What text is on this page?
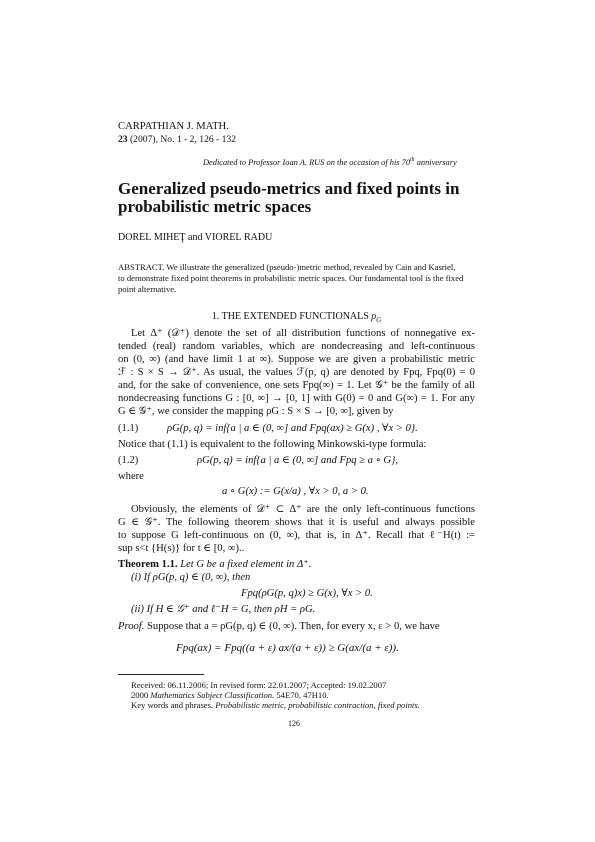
CARPATHIAN J. MATH.
23 (2007), No. 1 - 2, 126 - 132
Dedicated to Professor Ioan A. RUS on the occasion of his 70th anniversary
Generalized pseudo-metrics and fixed points in
probabilistic metric spaces
DOREL MIHEŢ and VIOREL RADU
ABSTRACT. We illustrate the generalized (pseudo-)metric method, revealed by Cain and Kasriel,
to demonstrate fixed point theorems in probabilistic metric spaces. Our fundamental tool is the fixed
point alternative.
1. THE EXTENDED FUNCTIONALS $\rho_G$
Let Δ⁺ (𝒟⁺) denote the set of all distribution functions of nonnegative ex-
tended (real) random variables, which are nondecreasing and left-continuous
on (0, ∞) (and have limit 1 at ∞). Suppose we are given a probabilistic metric
ℱ : S × S → 𝒟⁺. As usual, the values ℱ(p, q) are denoted by Fpq, Fpq(0) = 0
and, for the sake of convenience, one sets Fpq(∞) = 1. Let 𝒢⁺ be the family of all
nondecreasing functions G : [0, ∞] → [0, 1] with G(0) = 0 and G(∞) = 1. For any
G ∈ 𝒢⁺, we consider the mapping ρG : S × S → [0, ∞], given by
(1.1)	ρG(p, q) = inf{a | a ∈ (0, ∞] and Fpq(ax) ≥ G(x) , ∀x > 0}.
Notice that (1.1) is equivalent to the following Minkowski-type formula:
(1.2)	ρG(p, q) = inf{a | a ∈ (0, ∞] and Fpq ≥ a ∘ G},
where
a ∘ G(x) := G(x/a) , ∀x > 0, a > 0.
Obviously, the elements of 𝒟⁺ ⊂ Δ⁺ are the only left-continuous functions
G ∈ 𝒢⁺. The following theorem shows that it is useful and always possible
to suppose G left-continuous on (0, ∞), that is, in Δ⁺. Recall that ℓ⁻H(t) :=
sup s<t {H(s)} for t ∈ [0, ∞)..
Theorem 1.1. Let G be a fixed element in Δ⁺.
(i) If ρG(p, q) ∈ (0, ∞), then
Fpq(ρG(p, q)x) ≥ G(x), ∀x > 0.
(ii) If H ∈ 𝒢⁺ and ℓ⁻H = G, then ρH = ρG.
Proof. Suppose that a = ρG(p, q) ∈ (0, ∞). Then, for every x, ε > 0, we have
Fpq(ax) = Fpq((a + ε) ax/(a + ε)) ≥ G(ax/(a + ε)).
Received: 06.11.2006; In revised form: 22.01.2007; Accepted: 19.02.2007
2000 Mathematics Subject Classification. 54E70, 47H10.
Key words and phrases. Probabilistic metric, probabilistic contraction, fixed points.
126
